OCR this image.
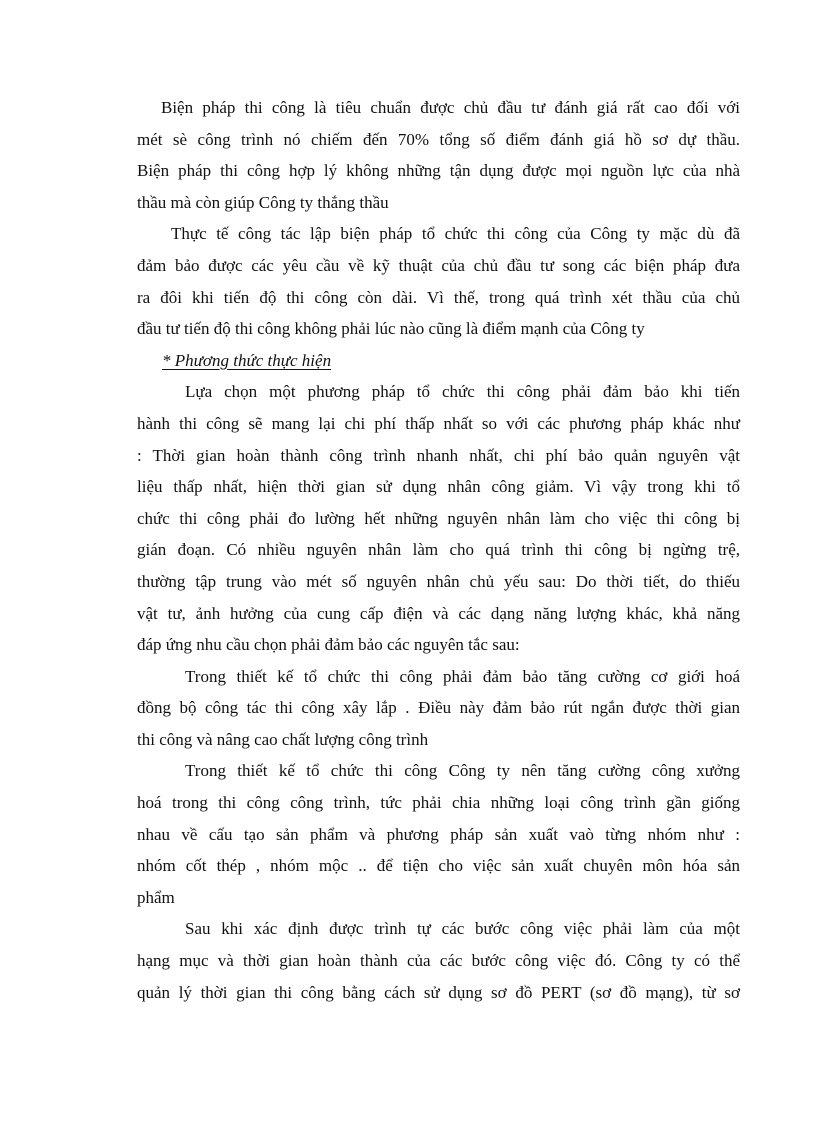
Biện pháp thi công là tiêu chuẩn được chủ đầu tư đánh giá rất cao đối với
mét sè công trình nó chiếm đến 70% tổng số điểm đánh giá hồ sơ dự thầu.
Biện pháp thi công hợp lý không những tận dụng được mọi nguồn lực của nhà
thầu mà còn giúp Công ty thắng thầu
Thực tế công tác lập biện pháp tổ chức thi công của Công ty mặc dù đã
đảm bảo được các yêu cầu về kỹ thuật của chủ đầu tư song các biện pháp đưa
ra đôi khi tiến độ thi công còn dài. Vì thế, trong quá trình xét thầu của chủ
đầu tư tiến độ thi công không phải lúc nào cũng là điểm mạnh của Công ty
* Phương thức thực hiện
Lựa chọn một phương pháp tổ chức thi công phải đảm bảo khi tiến
hành thi công sẽ mang lại chi phí thấp nhất so với các phương pháp khác như
: Thời gian hoàn thành công trình nhanh nhất, chi phí bảo quản nguyên vật
liệu thấp nhất, hiện thời gian sử dụng nhân công giảm. Vì vậy trong khi tổ
chức thi công phải đo lường hết những nguyên nhân làm cho việc thi công bị
gián đoạn. Có nhiều nguyên nhân làm cho quá trình thi công bị ngừng trệ,
thường tập trung vào mét số nguyên nhân chủ yếu sau: Do thời tiết, do thiếu
vật tư, ảnh hưởng của cung cấp điện và các dạng năng lượng khác, khả năng
đáp ứng nhu cầu chọn phải đảm bảo các nguyên tắc sau:
Trong thiết kế tổ chức thi công phải đảm bảo tăng cường cơ giới hoá
đồng bộ công tác thi công xây lắp . Điều này đảm bảo rút ngắn được thời gian
thi công và nâng cao chất lượng công trình
Trong thiết kế tổ chức thi công Công ty nên tăng cường công xưởng
hoá trong thi công công trình, tức phải chia những loại công trình gần giống
nhau về cấu tạo sản phẩm và phương pháp sản xuất vaò từng nhóm như :
nhóm cốt thép , nhóm mộc .. để tiện cho việc sản xuất chuyên môn hóa sản
phẩm
Sau khi xác định được trình tự các bước công việc phải làm của một
hạng mục và thời gian hoàn thành của các bước công việc đó. Công ty có thể
quản lý thời gian thi công bằng cách sử dụng sơ đồ PERT (sơ đồ mạng), từ sơ
